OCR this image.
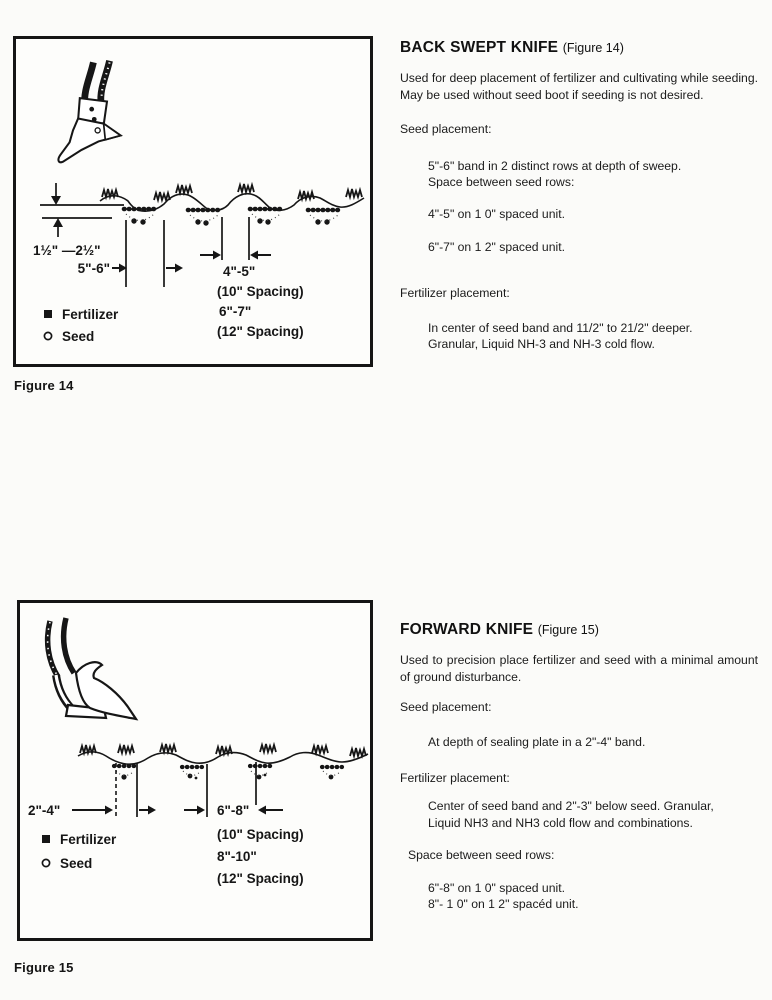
5"-6"	4"-5"
(10" Spacing)
6"-7"
(12" Spacing)
1½" —2½"
Fertilizer
Seed
Figure 14
BACK SWEPT KNIFE (Figure 14)
Used for deep placement of fertilizer and cultivating while seeding. May be used without seed boot if seeding is not desired.
Seed placement:
5"-6" band in 2 distinct rows at depth of sweep.
Space between seed rows:
4"-5" on 1 0" spaced unit.
6"-7" on 1 2" spaced unit.
Fertilizer placement:
In center of seed band and 11/2" to 21/2" deeper.
Granular, Liquid NH-3 and NH-3 cold flow.
2"-4"	6"-8"
(10" Spacing)
8"-10"
(12" Spacing)
Fertilizer
Seed
Figure 15
FORWARD KNIFE (Figure 15)
Used to precision place fertilizer and seed with a minimal amount of ground disturbance.
Seed placement:
At depth of sealing plate in a 2"-4" band.
Fertilizer placement:
Center of seed band and 2"-3" below seed. Granular,
Liquid NH3 and NH3 cold flow and combinations.
Space between seed rows:
6"-8" on 1 0" spaced unit.
8"- 1 0" on 1 2" spacéd unit.
